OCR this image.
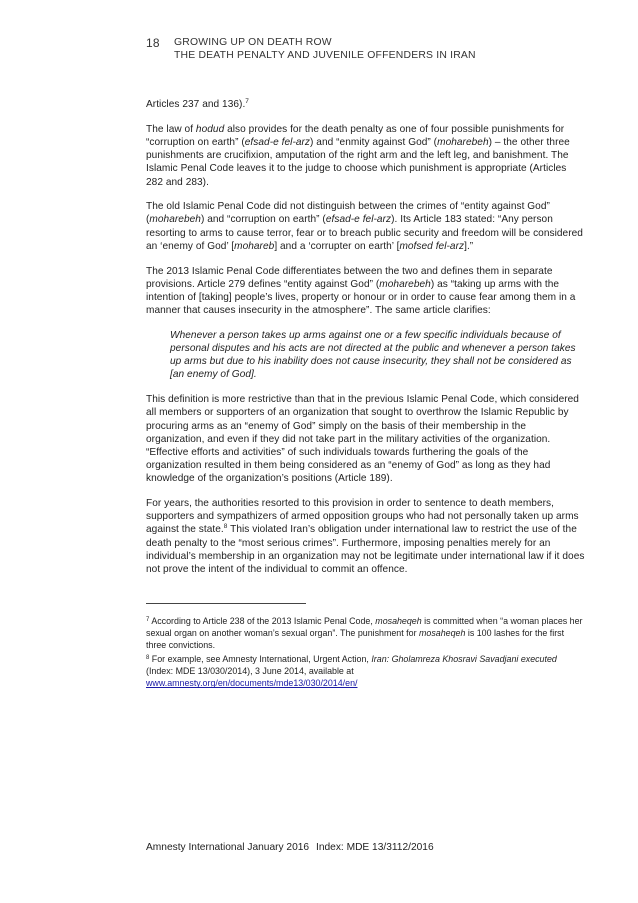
18 GROWING UP ON DEATH ROW
THE DEATH PENALTY AND JUVENILE OFFENDERS IN IRAN

Articles 237 and 136).$^7$

The law of hodud also provides for the death penalty as one of four possible punishments for “corruption on earth” (efsad-e fel-arz) and “enmity against God” (moharebeh) – the other three punishments are crucifixion, amputation of the right arm and the left leg, and banishment. The Islamic Penal Code leaves it to the judge to choose which punishment is appropriate (Articles 282 and 283).

The old Islamic Penal Code did not distinguish between the crimes of “entity against God” (moharebeh) and “corruption on earth” (efsad-e fel-arz). Its Article 183 stated: “Any person resorting to arms to cause terror, fear or to breach public security and freedom will be considered an ‘enemy of God’ [mohareb] and a ‘corrupter on earth’ [mofsed fel-arz].”

The 2013 Islamic Penal Code differentiates between the two and defines them in separate provisions. Article 279 defines “entity against God” (moharebeh) as “taking up arms with the intention of [taking] people’s lives, property or honour or in order to cause fear among them in a manner that causes insecurity in the atmosphere”. The same article clarifies:

Whenever a person takes up arms against one or a few specific individuals because of personal disputes and his acts are not directed at the public and whenever a person takes up arms but due to his inability does not cause insecurity, they shall not be considered as [an enemy of God].

This definition is more restrictive than that in the previous Islamic Penal Code, which considered all members or supporters of an organization that sought to overthrow the Islamic Republic by procuring arms as an “enemy of God” simply on the basis of their membership in the organization, and even if they did not take part in the military activities of the organization. “Effective efforts and activities” of such individuals towards furthering the goals of the organization resulted in them being considered as an “enemy of God” as long as they had knowledge of the organization’s positions (Article 189).

For years, the authorities resorted to this provision in order to sentence to death members, supporters and sympathizers of armed opposition groups who had not personally taken up arms against the state.$^8$ This violated Iran’s obligation under international law to restrict the use of the death penalty to the “most serious crimes”. Furthermore, imposing penalties merely for an individual’s membership in an organization may not be legitimate under international law if it does not prove the intent of the individual to commit an offence.

$^7$ According to Article 238 of the 2013 Islamic Penal Code, mosaheqeh is committed when “a woman places her sexual organ on another woman’s sexual organ”. The punishment for mosaheqeh is 100 lashes for the first three convictions.

$^8$ For example, see Amnesty International, Urgent Action, Iran: Gholamreza Khosravi Savadjani executed (Index: MDE 13/030/2014), 3 June 2014, available at
www.amnesty.org/en/documents/mde13/030/2014/en/

Amnesty International January 2016 Index: MDE 13/3112/2016
